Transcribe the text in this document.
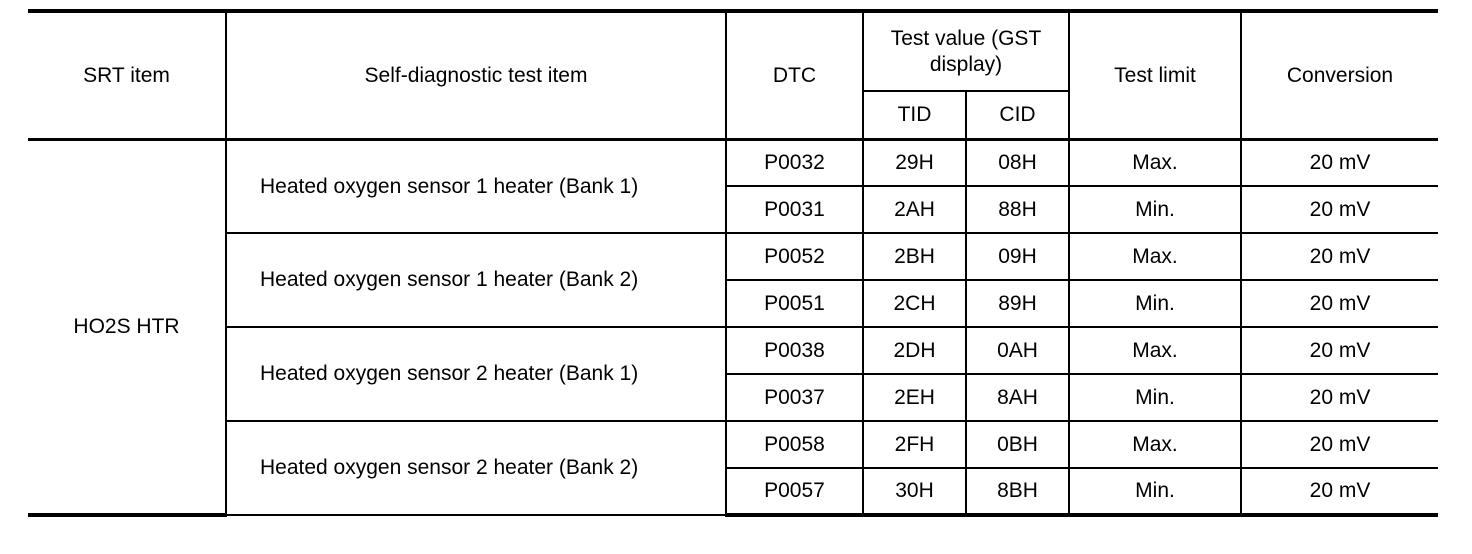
SRT item	Self-diagnostic test item	DTC	Test value (GST display)		Test limit	Conversion
			TID	CID		
HO2S HTR	Heated oxygen sensor 1 heater (Bank 1)	P0032	29H	08H	Max.	20 mV
		P0031	2AH	88H	Min.	20 mV
	Heated oxygen sensor 1 heater (Bank 2)	P0052	2BH	09H	Max.	20 mV
		P0051	2CH	89H	Min.	20 mV
	Heated oxygen sensor 2 heater (Bank 1)	P0038	2DH	0AH	Max.	20 mV
		P0037	2EH	8AH	Min.	20 mV
	Heated oxygen sensor 2 heater (Bank 2)	P0058	2FH	0BH	Max.	20 mV
		P0057	30H	8BH	Min.	20 mV
